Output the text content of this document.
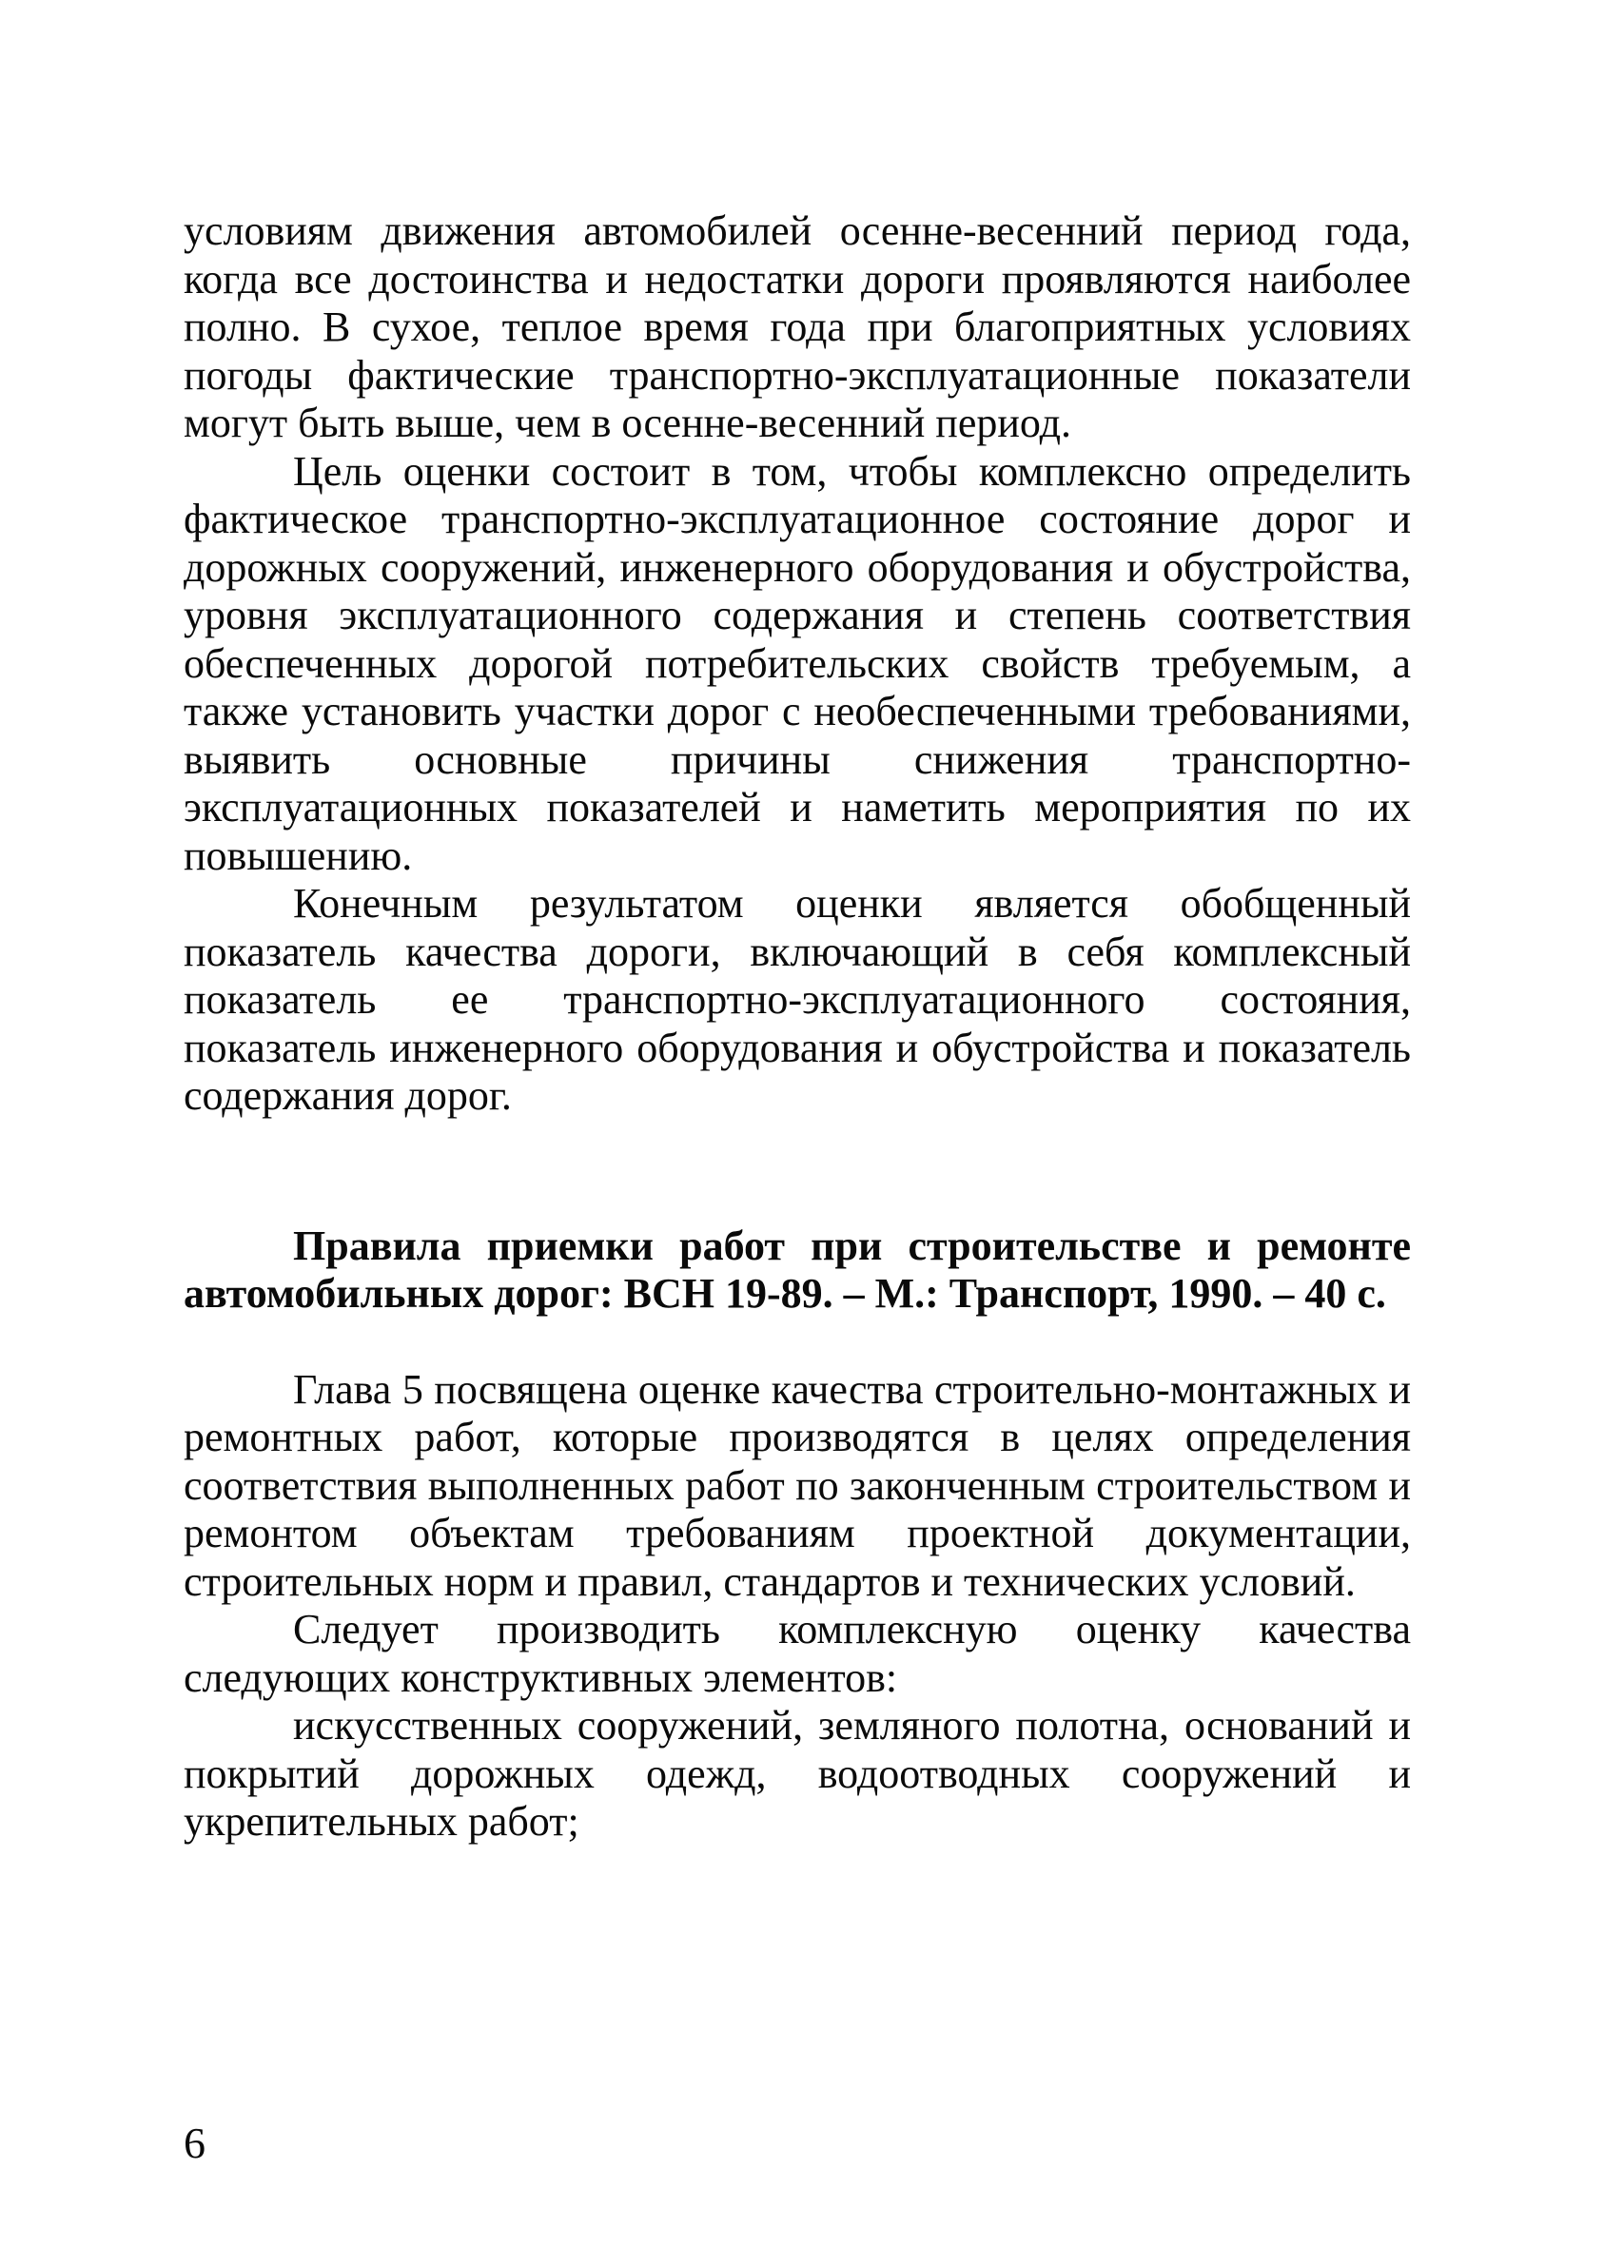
условиям движения автомобилей осенне-весенний период года, когда все достоинства и недостатки дороги проявляются наиболее полно. В сухое, теплое время года при благоприятных условиях погоды фактические транспортно-эксплуатационные показатели могут быть выше, чем в осенне-весенний период.

Цель оценки состоит в том, чтобы комплексно определить фактическое транспортно-эксплуатационное состояние дорог и дорожных сооружений, инженерного оборудования и обустройства, уровня эксплуатационного содержания и степень соответствия обеспеченных дорогой потребительских свойств требуемым, а также установить участки дорог с необеспеченными требованиями, выявить основные причины снижения транспортно-эксплуатационных показателей и наметить мероприятия по их повышению.

Конечным результатом оценки является обобщенный показатель качества дороги, включающий в себя комплексный показатель ее транспортно-эксплуатационного состояния, показатель инженерного оборудования и обустройства и показатель содержания дорог.

Правила приемки работ при строительстве и ремонте автомобильных дорог: ВСН 19-89. – М.: Транспорт, 1990. – 40 с.

Глава 5 посвящена оценке качества строительно-монтажных и ремонтных работ, которые производятся в целях определения соответствия выполненных работ по законченным строительством и ремонтом объектам требованиям проектной документации, строительных норм и правил, стандартов и технических условий.

Следует производить комплексную оценку качества следующих конструктивных элементов:

искусственных сооружений, земляного полотна, оснований и покрытий дорожных одежд, водоотводных сооружений и укрепительных работ;

6
